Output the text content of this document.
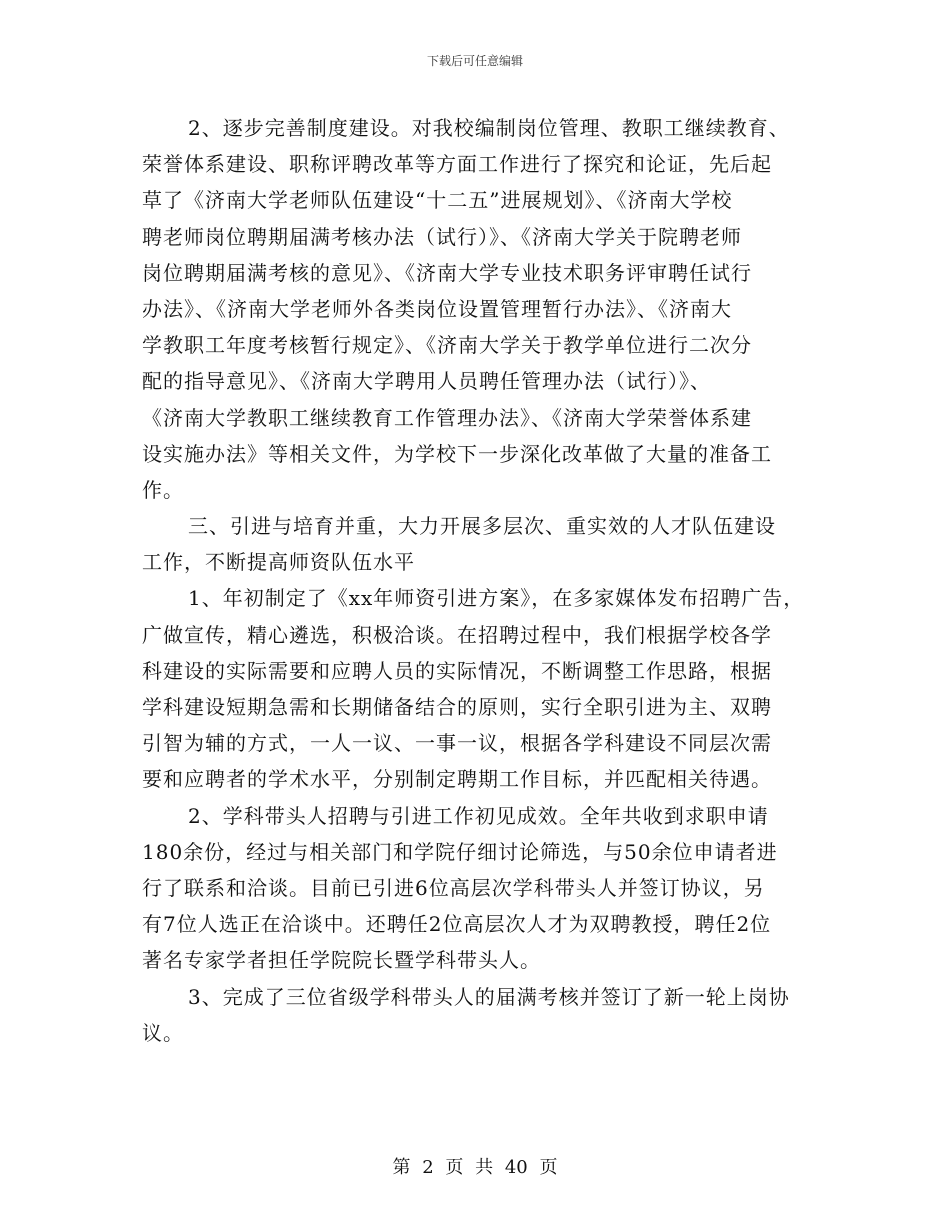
下载后可任意编辑
2、逐步完善制度建设。对我校编制岗位管理、教职工继续教育、
荣誉体系建设、职称评聘改革等方面工作进行了探究和论证，先后起
草了《济南大学老师队伍建设“十二五”进展规划》、《济南大学校
聘老师岗位聘期届满考核办法（试行）》、《济南大学关于院聘老师
岗位聘期届满考核的意见》、《济南大学专业技术职务评审聘任试行
办法》、《济南大学老师外各类岗位设置管理暂行办法》、《济南大
学教职工年度考核暂行规定》、《济南大学关于教学单位进行二次分
配的指导意见》、《济南大学聘用人员聘任管理办法（试行）》、
《济南大学教职工继续教育工作管理办法》、《济南大学荣誉体系建
设实施办法》等相关文件，为学校下一步深化改革做了大量的准备工
作。
三、引进与培育并重，大力开展多层次、重实效的人才队伍建设
工作，不断提高师资队伍水平
1、年初制定了《xx年师资引进方案》，在多家媒体发布招聘广告，
广做宣传，精心遴选，积极洽谈。在招聘过程中，我们根据学校各学
科建设的实际需要和应聘人员的实际情况，不断调整工作思路，根据
学科建设短期急需和长期储备结合的原则，实行全职引进为主、双聘
引智为辅的方式，一人一议、一事一议，根据各学科建设不同层次需
要和应聘者的学术水平，分别制定聘期工作目标，并匹配相关待遇。
2、学科带头人招聘与引进工作初见成效。全年共收到求职申请
180余份，经过与相关部门和学院仔细讨论筛选，与50余位申请者进
行了联系和洽谈。目前已引进6位高层次学科带头人并签订协议，另
有7位人选正在洽谈中。还聘任2位高层次人才为双聘教授，聘任2位
著名专家学者担任学院院长暨学科带头人。
3、完成了三位省级学科带头人的届满考核并签订了新一轮上岗协
议。
第 2 页 共 40 页
